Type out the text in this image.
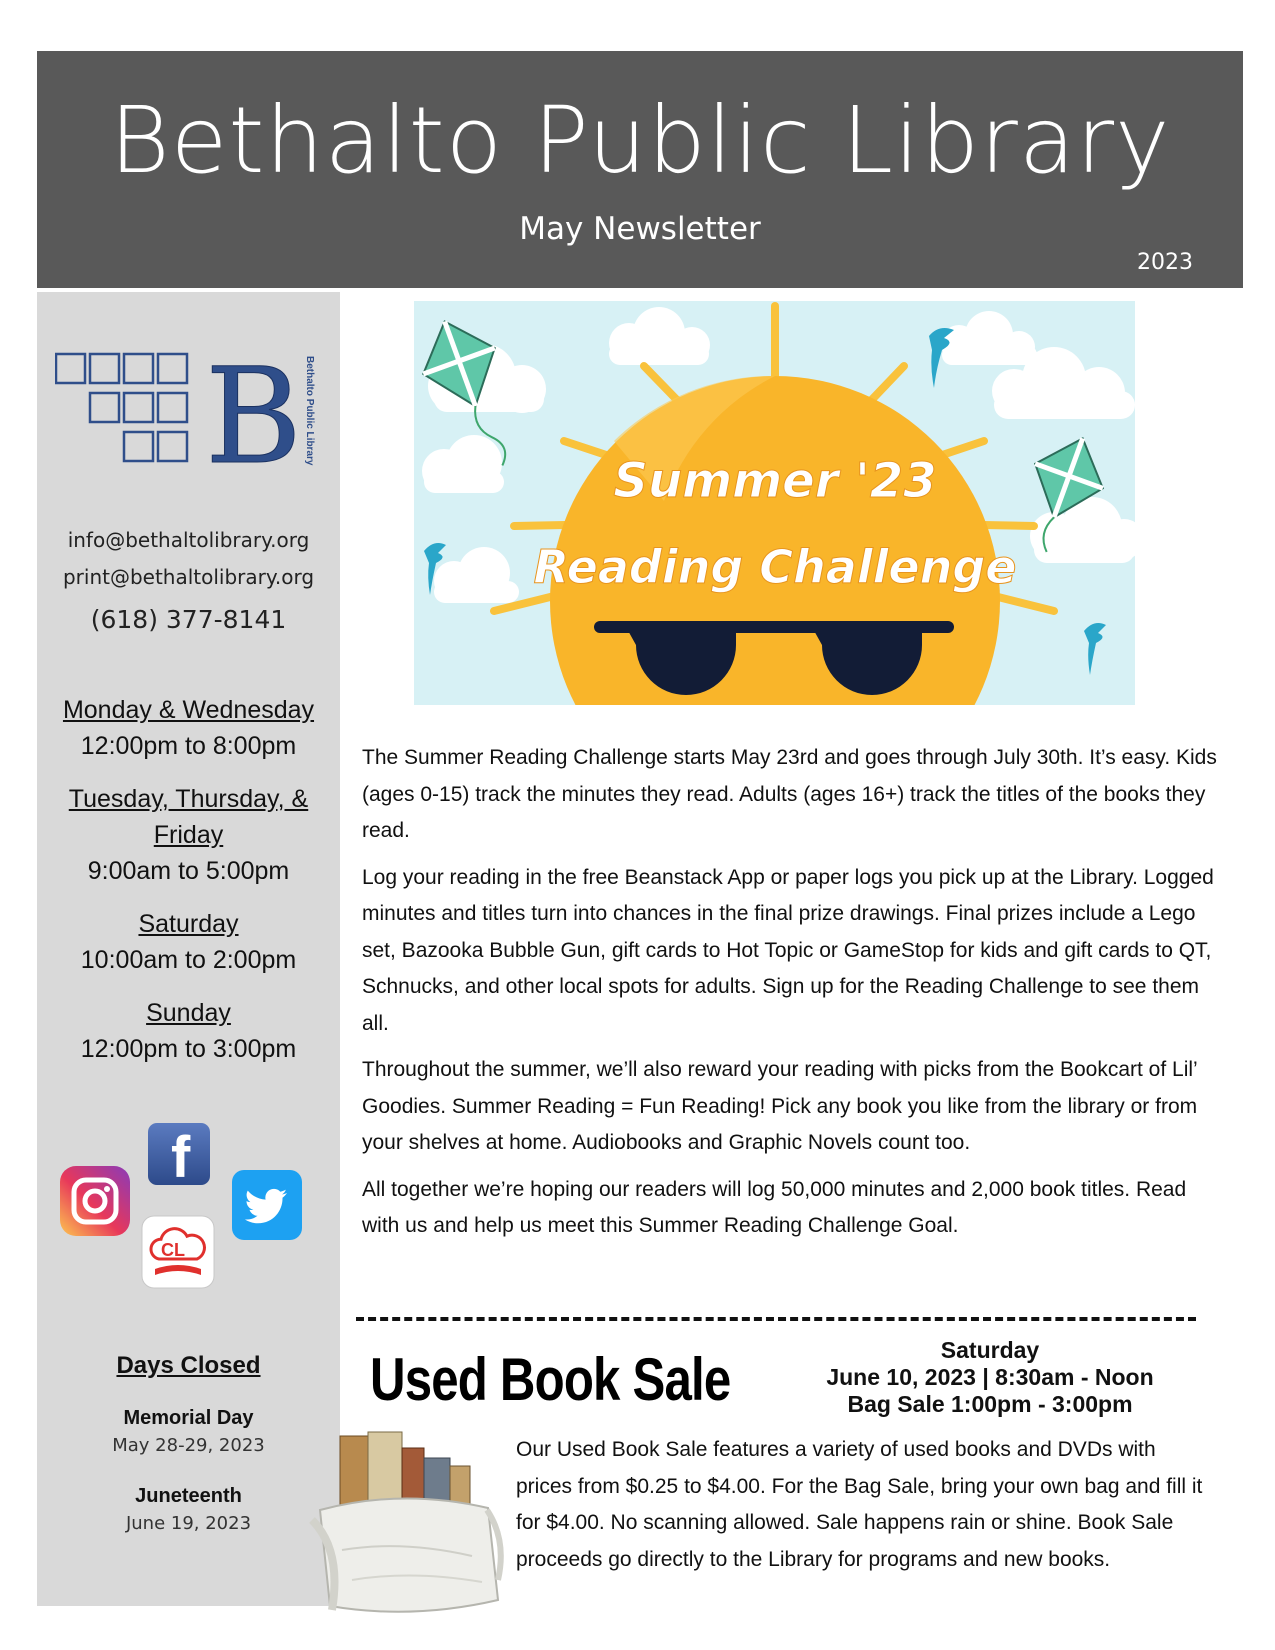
Bethalto Public Library
May Newsletter
2023
B Bethalto Public Library
info@bethaltolibrary.org
print@bethaltolibrary.org
(618) 377-8141
Monday & Wednesday
12:00pm to 8:00pm
Tuesday, Thursday, & Friday
9:00am to 5:00pm
Saturday
10:00am to 2:00pm
Sunday
12:00pm to 3:00pm
f
CL
Days Closed
Memorial Day
May 28-29, 2023
Juneteenth
June 19, 2023
Summer '23
Reading Challenge

The Summer Reading Challenge starts May 23rd and goes through July 30th. It’s easy. Kids (ages 0-15) track the minutes they read. Adults (ages 16+) track the titles of the books they read.

Log your reading in the free Beanstack App or paper logs you pick up at the Library. Logged minutes and titles turn into chances in the final prize drawings. Final prizes include a Lego set, Bazooka Bubble Gun, gift cards to Hot Topic or GameStop for kids and gift cards to QT, Schnucks, and other local spots for adults. Sign up for the Reading Challenge to see them all.

Throughout the summer, we’ll also reward your reading with picks from the Bookcart of Lil’ Goodies. Summer Reading = Fun Reading! Pick any book you like from the library or from your shelves at home. Audiobooks and Graphic Novels count too.

All together we’re hoping our readers will log 50,000 minutes and 2,000 book titles. Read with us and help us meet this Summer Reading Challenge Goal.

Used Book Sale	Saturday
June 10, 2023 | 8:30am - Noon
Bag Sale 1:00pm - 3:00pm
Our Used Book Sale features a variety of used books and DVDs with prices from $0.25 to $4.00. For the Bag Sale, bring your own bag and fill it for $4.00. No scanning allowed. Sale happens rain or shine. Book Sale proceeds go directly to the Library for programs and new books.
